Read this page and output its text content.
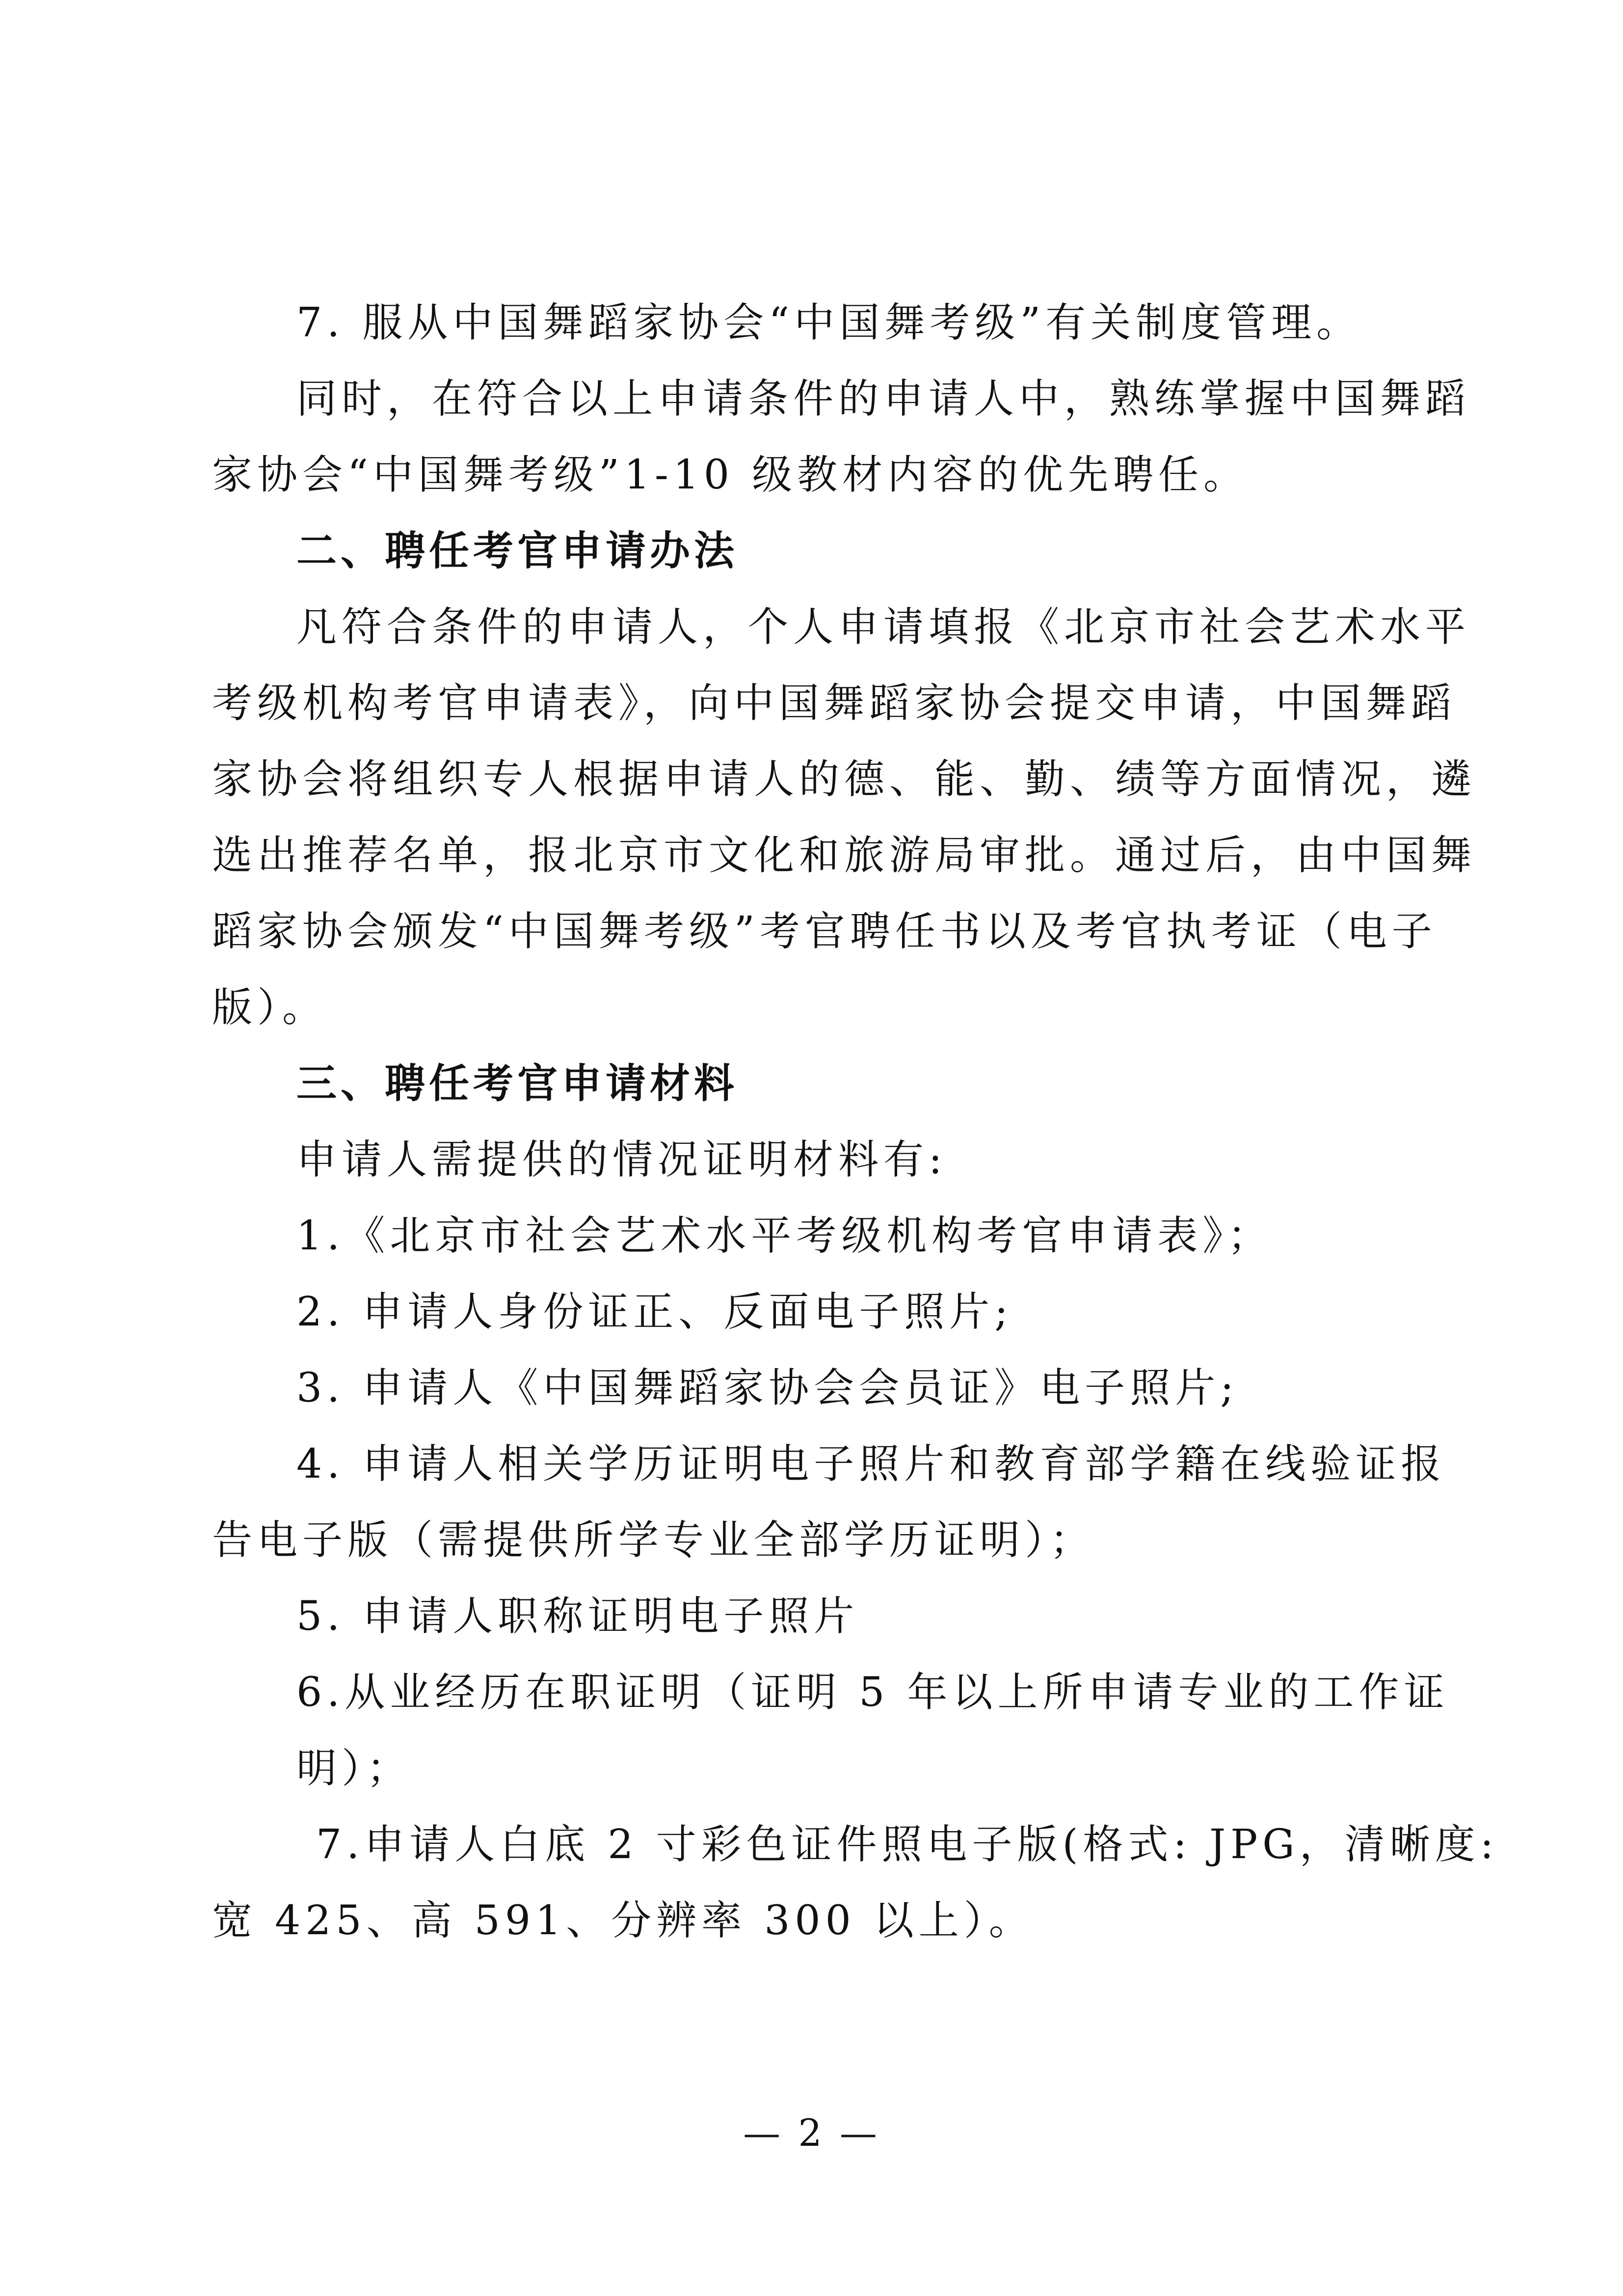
7. 服从中国舞蹈家协会“中国舞考级”有关制度管理。
同时，在符合以上申请条件的申请人中，熟练掌握中国舞蹈
家协会“中国舞考级”1-10 级教材内容的优先聘任。
二、聘任考官申请办法
凡符合条件的申请人，个人申请填报《北京市社会艺术水平
考级机构考官申请表》，向中国舞蹈家协会提交申请，中国舞蹈
家协会将组织专人根据申请人的德、能、勤、绩等方面情况，遴
选出推荐名单，报北京市文化和旅游局审批。通过后，由中国舞
蹈家协会颁发“中国舞考级”考官聘任书以及考官执考证（电子
版）。
三、聘任考官申请材料
申请人需提供的情况证明材料有:
1.《北京市社会艺术水平考级机构考官申请表》；
2. 申请人身份证正、反面电子照片;
3. 申请人《中国舞蹈家协会会员证》电子照片;
4. 申请人相关学历证明电子照片和教育部学籍在线验证报
告电子版（需提供所学专业全部学历证明）；
5. 申请人职称证明电子照片
6.从业经历在职证明（证明 5 年以上所申请专业的工作证
明）；
7.申请人白底 2 寸彩色证件照电子版(格式: JPG，清晰度:
宽 425、高 591、分辨率 300 以上）。
— 2 —
